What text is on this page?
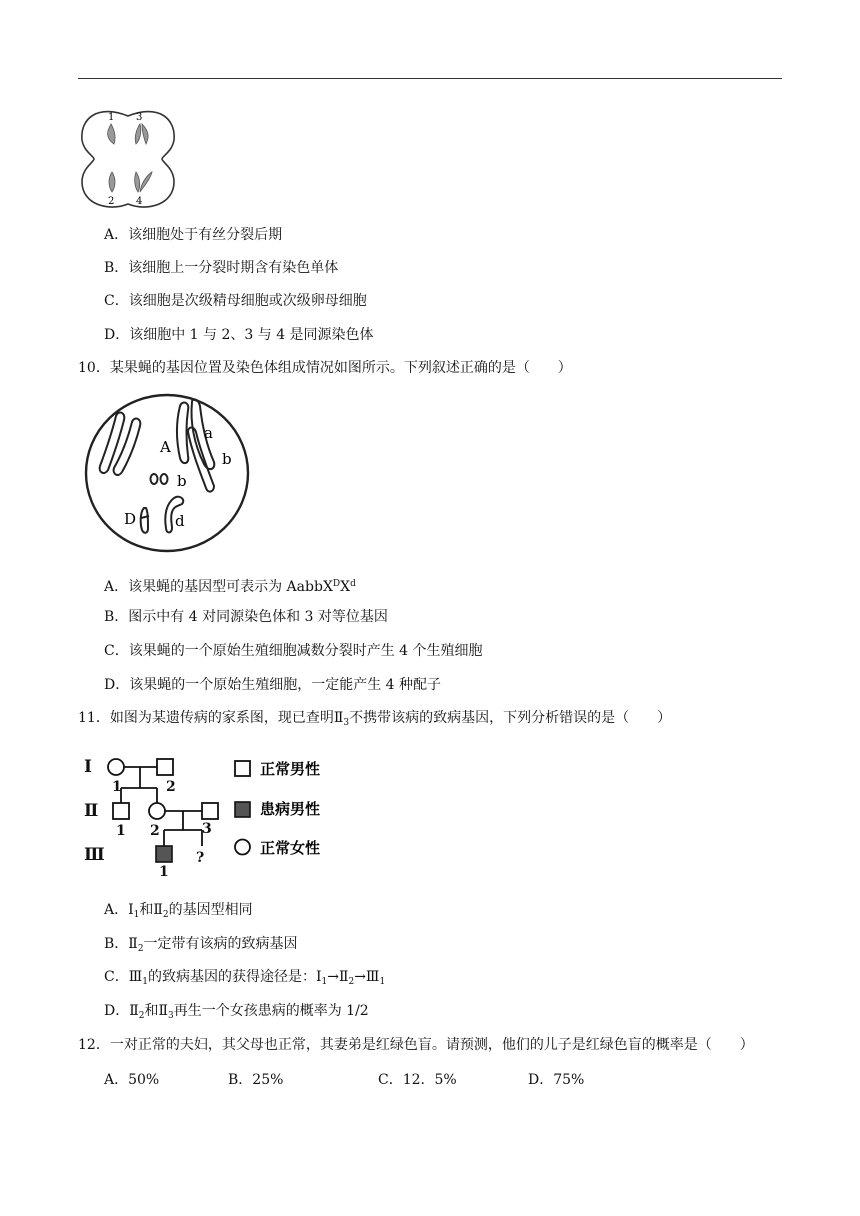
1 3
2 4
A．该细胞处于有丝分裂后期
B．该细胞上一分裂时期含有染色单体
C．该细胞是次级精母细胞或次级卵母细胞
D．该细胞中 1 与 2、3 与 4 是同源染色体
10．某果蝇的基因位置及染色体组成情况如图所示。下列叙述正确的是（　　）
A
a
b
b
D	d
A．该果蝇的基因型可表示为 $AabbX^DX^d$
B．图示中有 4 对同源染色体和 3 对等位基因
C．该果蝇的一个原始生殖细胞减数分裂时产生 4 个生殖细胞
D．该果蝇的一个原始生殖细胞，一定能产生 4 种配子
11．如图为某遗传病的家系图，现已查明$Ⅱ_3$不携带该病的致病基因，下列分析错误的是（　　）
Ⅰ
Ⅱ
Ⅲ
1	2
1 2	3
1
?
正常男性
患病男性
正常女性
A．$Ⅰ_1$和$Ⅱ_2$的基因型相同
B．$Ⅱ_2$一定带有该病的致病基因
C．$Ⅲ_1$的致病基因的获得途径是：$Ⅰ_1\to Ⅱ_2\to Ⅲ_1$
D．$Ⅱ_2$和$Ⅱ_3$再生一个女孩患病的概率为 1/2
12．一对正常的夫妇，其父母也正常，其妻弟是红绿色盲。请预测，他们的儿子是红绿色盲的概率是（　　）
A．50%	B．25%	C．12．5%	D．75%
